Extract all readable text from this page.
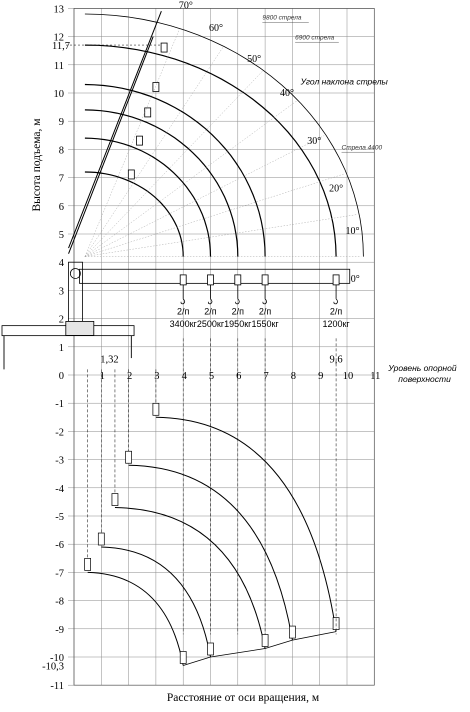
13
12
11
10
9
8
7
6
5
4
3
2
1
0
-1
-2
-3
-4
-5
-6
-7
-8
-9
-10
-11
11,7
-10,3
1 2 3 4 5 6 7 8 9 10 11
1,32	9,6
Уровень опорной
поверхности
70°
60°
50°
40°
30°
20°
10°
0°
9800 стрела
6900 стрела
Угол наклона стрелы
Стрела 4400
2/п
3400кг
2/п
2500кг
2/п
1950кг
2/п
1550кг
2/п
1200кг
Высота подъема, м
Расстояние от оси вращения, м
